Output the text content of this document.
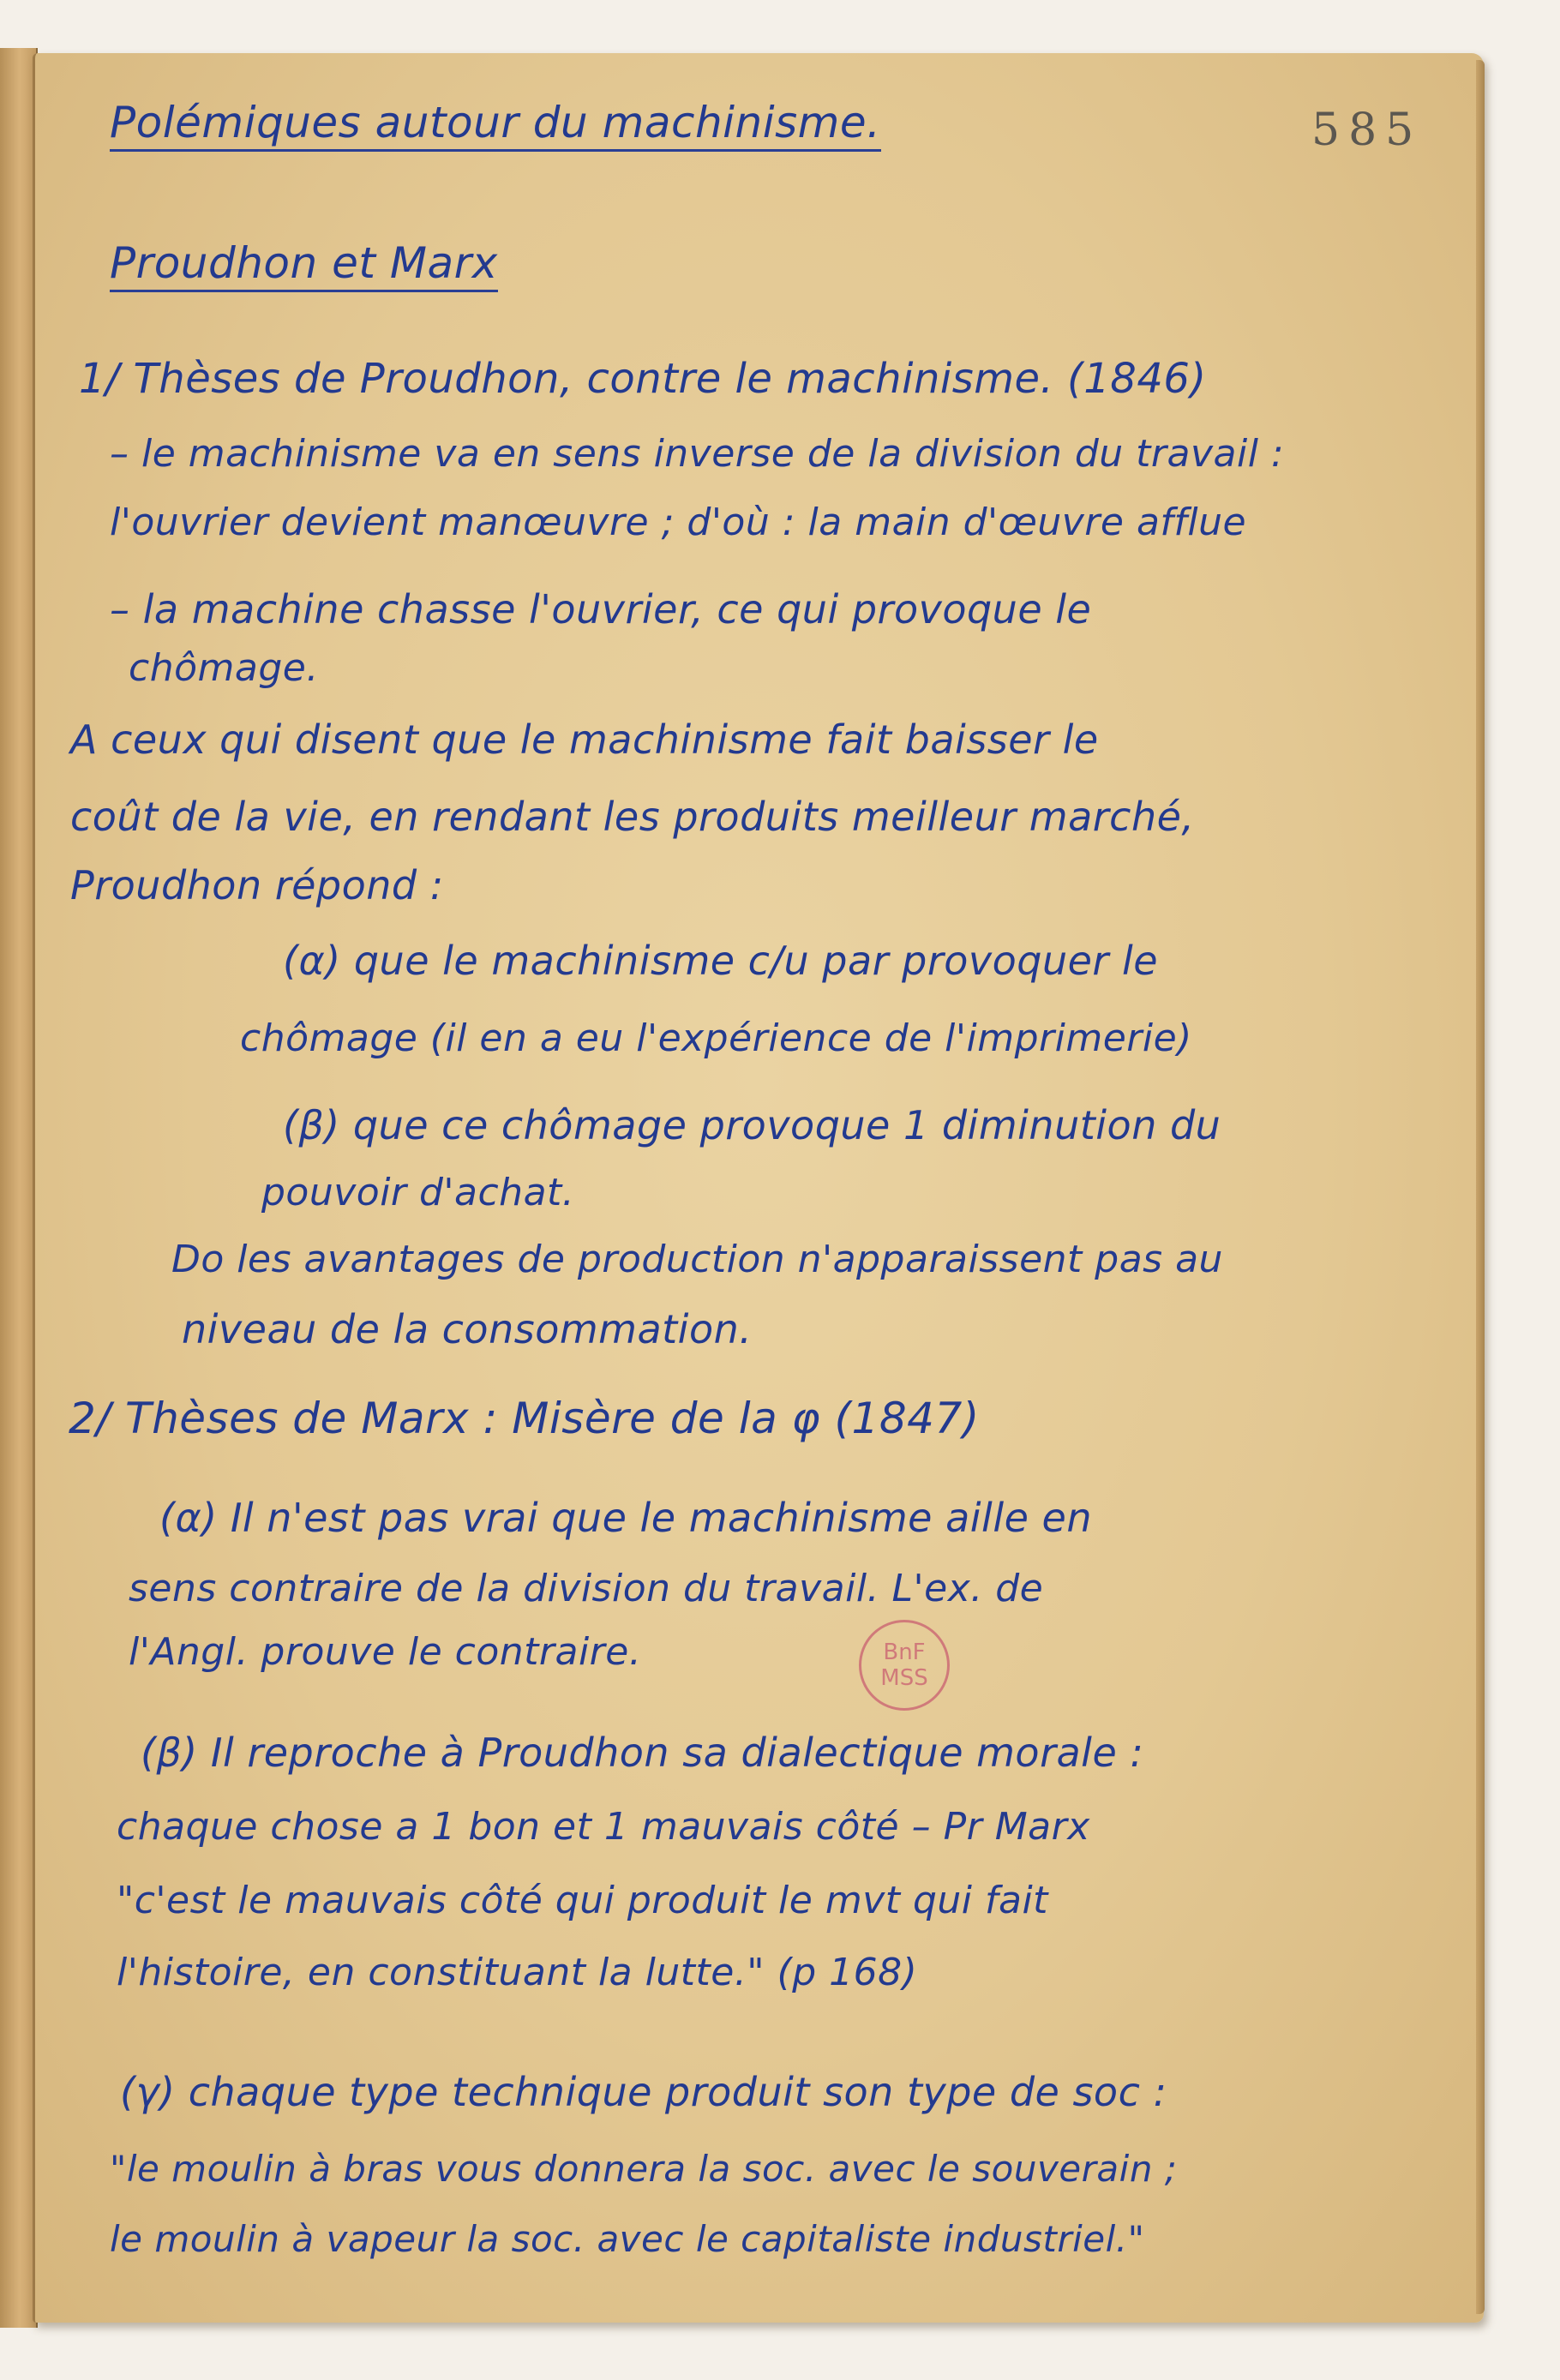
585
Polémiques autour du machinisme.
Proudhon et Marx
1/ Thèses de Proudhon, contre le machinisme. (1846)
– le machinisme va en sens inverse de la division du travail :
l'ouvrier devient manœuvre ; d'où : la main d'œuvre afflue
– la machine chasse l'ouvrier, ce qui provoque le
chômage.
A ceux qui disent que le machinisme fait baisser le
coût de la vie, en rendant les produits meilleur marché,
Proudhon répond :
(α) que le machinisme c/u par provoquer le
chômage (il en a eu l'expérience de l'imprimerie)
(β) que ce chômage provoque 1 diminution du
pouvoir d'achat.
Do les avantages de production n'apparaissent pas au
niveau de la consommation.
2/ Thèses de Marx : Misère de la φ (1847)
(α) Il n'est pas vrai que le machinisme aille en
sens contraire de la division du travail. L'ex. de
l'Angl. prouve le contraire.
(β) Il reproche à Proudhon sa dialectique morale :
chaque chose a 1 bon et 1 mauvais côté – Pr Marx
"c'est le mauvais côté qui produit le mvt qui fait
l'histoire, en constituant la lutte." (p 168)
(γ) chaque type technique produit son type de soc :
"le moulin à bras vous donnera la soc. avec le souverain ;
le moulin à vapeur la soc. avec le capitaliste industriel."
BnF
MSS
